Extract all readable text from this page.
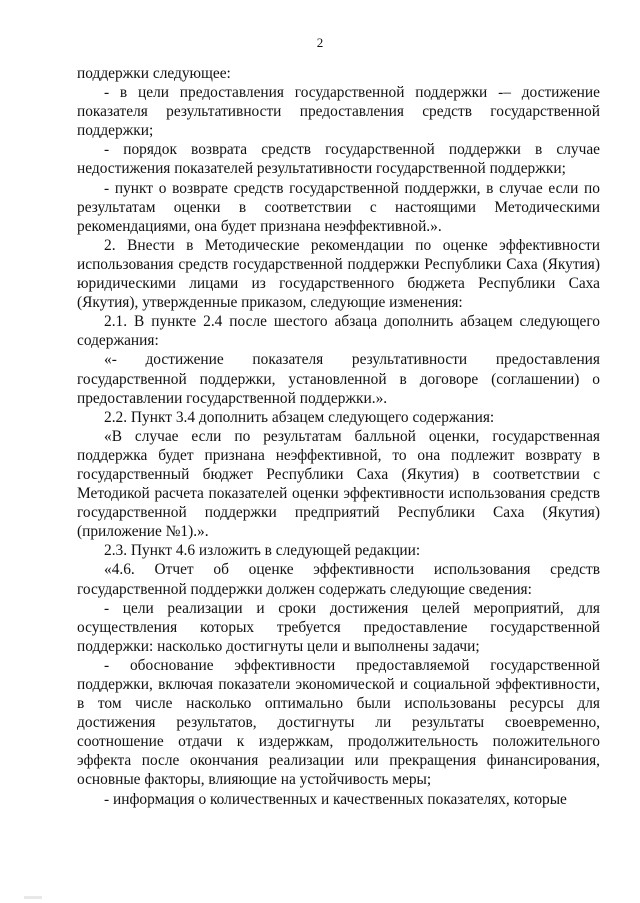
2

поддержки следующее:

- в цели предоставления государственной поддержки -– достижение показателя результативности предоставления средств государственной поддержки;

- порядок возврата средств государственной поддержки в случае недостижения показателей результативности государственной поддержки;

- пункт о возврате средств государственной поддержки, в случае если по результатам оценки в соответствии с настоящими Методическими рекомендациями, она будет признана неэффективной.».

2. Внести в Методические рекомендации по оценке эффективности использования средств государственной поддержки Республики Саха (Якутия) юридическими лицами из государственного бюджета Республики Саха (Якутия), утвержденные приказом, следующие изменения:

2.1. В пункте 2.4 после шестого абзаца дополнить абзацем следующего содержания:

«- достижение показателя результативности предоставления государственной поддержки, установленной в договоре (соглашении) о предоставлении государственной поддержки.».

2.2. Пункт 3.4 дополнить абзацем следующего содержания:

«В случае если по результатам балльной оценки, государственная поддержка будет признана неэффективной, то она подлежит возврату в государственный бюджет Республики Саха (Якутия) в соответствии с Методикой расчета показателей оценки эффективности использования средств государственной поддержки предприятий Республики Саха (Якутия) (приложение №1).».

2.3. Пункт 4.6 изложить в следующей редакции:

«4.6. Отчет об оценке эффективности использования средств государственной поддержки должен содержать следующие сведения:

- цели реализации и сроки достижения целей мероприятий, для осуществления которых требуется предоставление государственной поддержки: насколько достигнуты цели и выполнены задачи;

- обоснование эффективности предоставляемой государственной поддержки, включая показатели экономической и социальной эффективности, в том числе насколько оптимально были использованы ресурсы для достижения результатов, достигнуты ли результаты своевременно, соотношение отдачи к издержкам, продолжительность положительного эффекта после окончания реализации или прекращения финансирования, основные факторы, влияющие на устойчивость меры;

- информация о количественных и качественных показателях, которые
